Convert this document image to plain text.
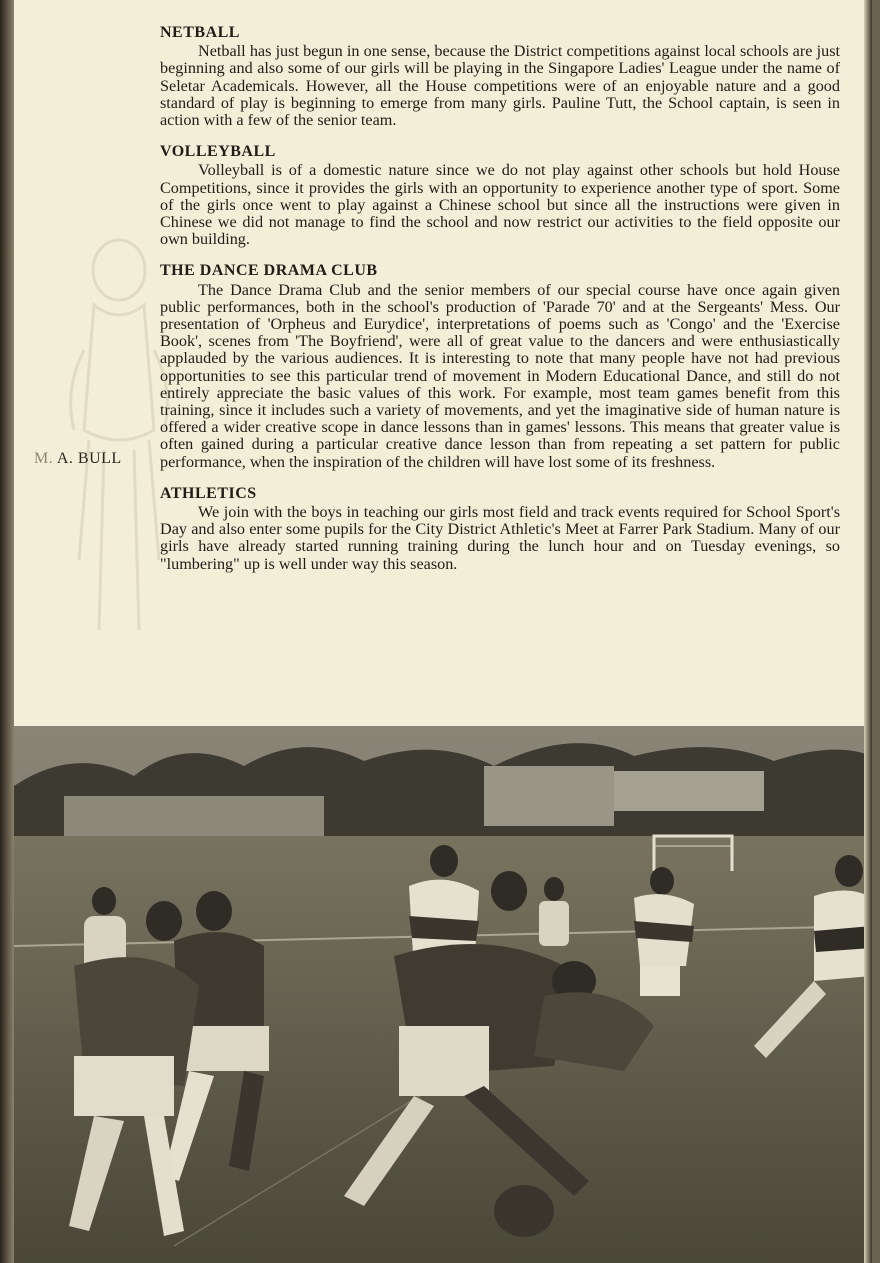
M. A. BULL
NETBALL

Netball has just begun in one sense, because the District competitions against local schools are just beginning and also some of our girls will be playing in the Singapore Ladies' League under the name of Seletar Academicals. However, all the House competitions were of an enjoyable nature and a good standard of play is beginning to emerge from many girls. Pauline Tutt, the School captain, is seen in action with a few of the senior team.

VOLLEYBALL

Volleyball is of a domestic nature since we do not play against other schools but hold House Competitions, since it provides the girls with an opportunity to experience another type of sport. Some of the girls once went to play against a Chinese school but since all the instructions were given in Chinese we did not manage to find the school and now restrict our activities to the field opposite our own building.

THE DANCE DRAMA CLUB

The Dance Drama Club and the senior members of our special course have once again given public performances, both in the school's production of 'Parade 70' and at the Sergeants' Mess. Our presentation of 'Orpheus and Eurydice', interpretations of poems such as 'Congo' and the 'Exercise Book', scenes from 'The Boyfriend', were all of great value to the dancers and were enthusiastically applauded by the various audiences. It is interesting to note that many people have not had previous opportunities to see this particular trend of movement in Modern Educational Dance, and still do not entirely appreciate the basic values of this work. For example, most team games benefit from this training, since it includes such a variety of movements, and yet the imaginative side of human nature is offered a wider creative scope in dance lessons than in games' lessons. This means that greater value is often gained during a particular creative dance lesson than from repeating a set pattern for public performance, when the inspiration of the children will have lost some of its freshness.

ATHLETICS

We join with the boys in teaching our girls most field and track events required for School Sport's Day and also enter some pupils for the City District Athletic's Meet at Farrer Park Stadium. Many of our girls have already started running training during the lunch hour and on Tuesday evenings, so "lumbering" up is well under way this season.
